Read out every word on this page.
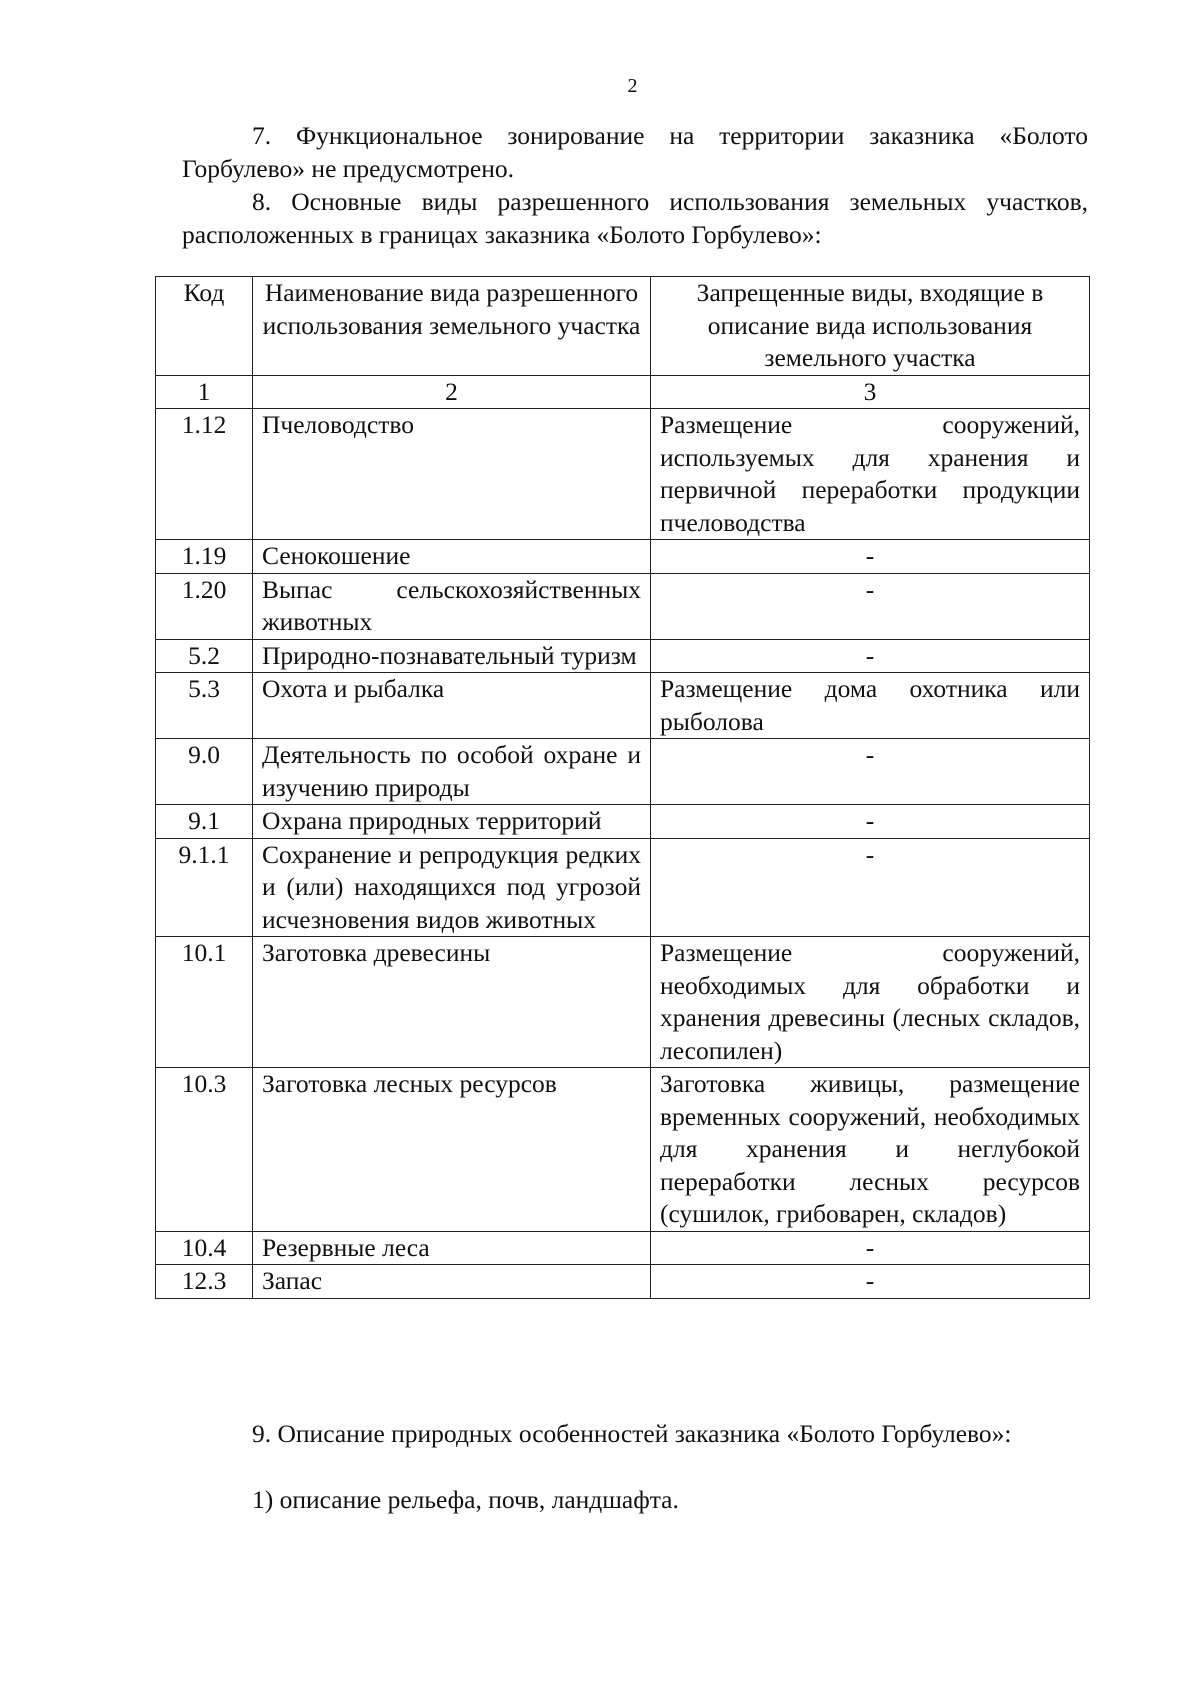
2

7. Функциональное зонирование на территории заказника «Болото Горбулево» не предусмотрено.

8. Основные виды разрешенного использования земельных участков, расположенных в границах заказника «Болото Горбулево»:

Код	Наименование вида разрешенного использования земельного участка	Запрещенные виды, входящие в описание вида использования земельного участка
1	2	3
1.12	Пчеловодство	Размещение сооружений, используемых для хранения и первичной переработки продукции пчеловодства
1.19	Сенокошение	-
1.20	Выпас сельскохозяйственных животных	-
5.2	Природно-познавательный туризм	-
5.3	Охота и рыбалка	Размещение дома охотника или рыболова
9.0	Деятельность по особой охране и изучению природы	-
9.1	Охрана природных территорий	-
9.1.1	Сохранение и репродукция редких и (или) находящихся под угрозой исчезновения видов животных	-
10.1	Заготовка древесины	Размещение сооружений, необходимых для обработки и хранения древесины (лесных складов, лесопилен)
10.3	Заготовка лесных ресурсов	Заготовка живицы, размещение временных сооружений, необходимых для хранения и неглубокой переработки лесных ресурсов (сушилок, грибоварен, складов)
10.4	Резервные леса	-
12.3	Запас	-

9. Описание природных особенностей заказника «Болото Горбулево»:

1) описание рельефа, почв, ландшафта.
